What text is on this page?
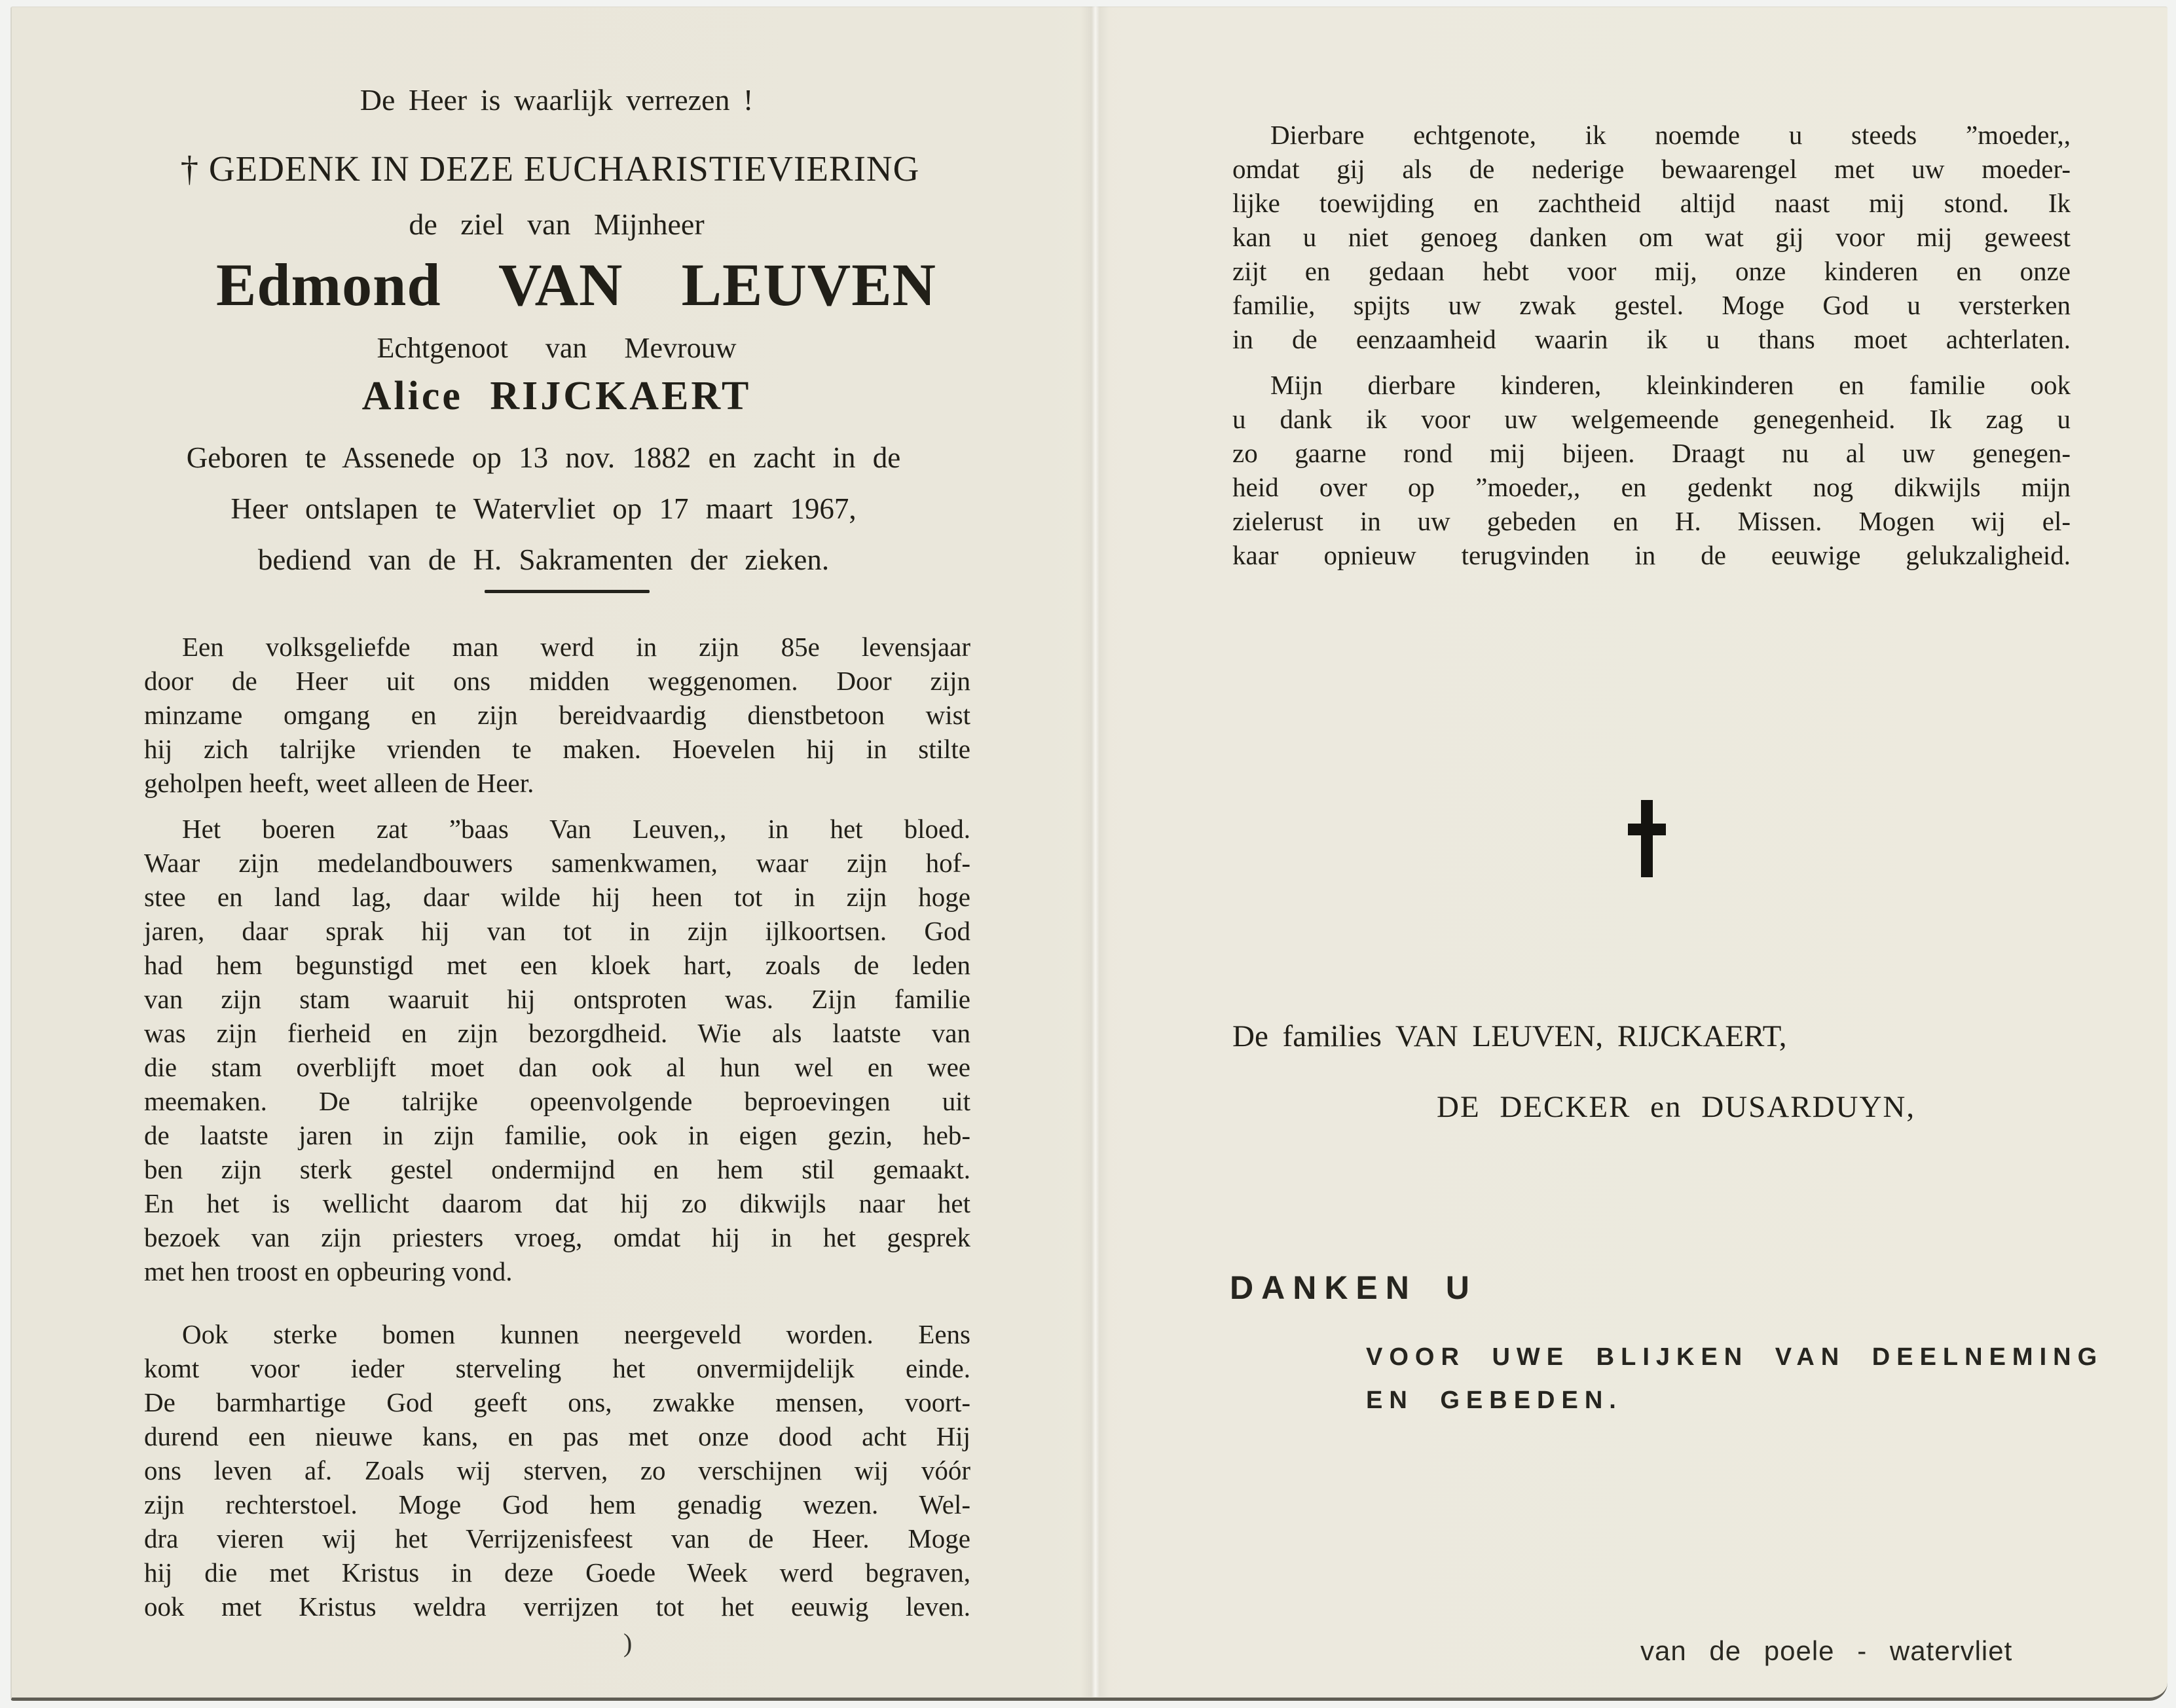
De Heer is waarlijk verrezen !
† GEDENK IN DEZE EUCHARISTIEVIERING
de ziel van Mijnheer
Edmond VAN LEUVEN
Echtgenoot van Mevrouw
Alice RIJCKAERT
Geboren te Assenede op 13 nov. 1882 en zacht in de
Heer ontslapen te Watervliet op 17 maart 1967,
bediend van de H. Sakramenten der zieken.
Een volksgeliefde man werd in zijn 85e levensjaar
door de Heer uit ons midden weggenomen. Door zijn
minzame omgang en zijn bereidvaardig dienstbetoon wist
hij zich talrijke vrienden te maken. Hoevelen hij in stilte
geholpen heeft, weet alleen de Heer.
Het boeren zat ”baas Van Leuven,, in het bloed.
Waar zijn medelandbouwers samenkwamen, waar zijn hof-
stee en land lag, daar wilde hij heen tot in zijn hoge
jaren, daar sprak hij van tot in zijn ijlkoortsen. God
had hem begunstigd met een kloek hart, zoals de leden
van zijn stam waaruit hij ontsproten was. Zijn familie
was zijn fierheid en zijn bezorgdheid. Wie als laatste van
die stam overblijft moet dan ook al hun wel en wee
meemaken. De talrijke opeenvolgende beproevingen uit
de laatste jaren in zijn familie, ook in eigen gezin, heb-
ben zijn sterk gestel ondermijnd en hem stil gemaakt.
En het is wellicht daarom dat hij zo dikwijls naar het
bezoek van zijn priesters vroeg, omdat hij in het gesprek
met hen troost en opbeuring vond.
Ook sterke bomen kunnen neergeveld worden. Eens
komt voor ieder sterveling het onvermijdelijk einde.
De barmhartige God geeft ons, zwakke mensen, voort-
durend een nieuwe kans, en pas met onze dood acht Hij
ons leven af. Zoals wij sterven, zo verschijnen wij vóór
zijn rechterstoel. Moge God hem genadig wezen. Wel-
dra vieren wij het Verrijzenisfeest van de Heer. Moge
hij die met Kristus in deze Goede Week werd begraven,
ook met Kristus weldra verrijzen tot het eeuwig leven.
)
Dierbare echtgenote, ik noemde u steeds ”moeder,,
omdat gij als de nederige bewaarengel met uw moeder-
lijke toewijding en zachtheid altijd naast mij stond. Ik
kan u niet genoeg danken om wat gij voor mij geweest
zijt en gedaan hebt voor mij, onze kinderen en onze
familie, spijts uw zwak gestel. Moge God u versterken
in de eenzaamheid waarin ik u thans moet achterlaten.
Mijn dierbare kinderen, kleinkinderen en familie ook
u dank ik voor uw welgemeende genegenheid. Ik zag u
zo gaarne rond mij bijeen. Draagt nu al uw genegen-
heid over op ”moeder,, en gedenkt nog dikwijls mijn
zielerust in uw gebeden en H. Missen. Mogen wij el-
kaar opnieuw terugvinden in de eeuwige gelukzaligheid.
De families VAN LEUVEN, RIJCKAERT,
DE DECKER en DUSARDUYN,
DANKEN U
VOOR UWE BLIJKEN VAN DEELNEMING
EN GEBEDEN.
van de poele - watervliet
